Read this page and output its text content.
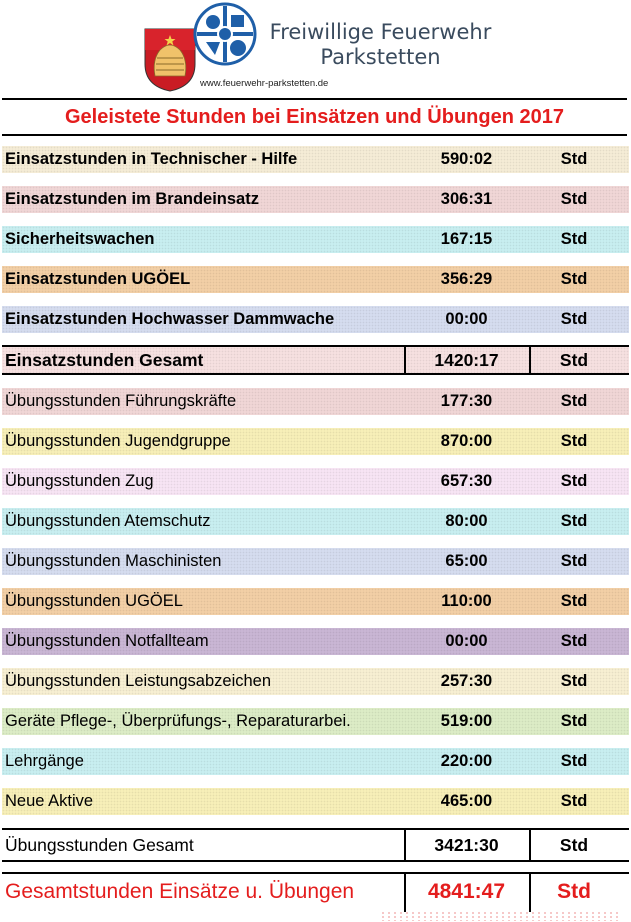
Freiwillige Feuerwehr
Parkstetten
www.feuerwehr-parkstetten.de
Geleistete Stunden bei Einsätzen und Übungen 2017
Einsatzstunden in Technischer - Hilfe	590:02	Std
Einsatzstunden im Brandeinsatz	306:31	Std
Sicherheitswachen	167:15	Std
Einsatzstunden UGÖEL	356:29	Std
Einsatzstunden Hochwasser Dammwache	00:00	Std
Einsatzstunden Gesamt	1420:17	Std
Übungsstunden Führungskräfte	177:30	Std
Übungsstunden Jugendgruppe	870:00	Std
Übungsstunden Zug	657:30	Std
Übungsstunden Atemschutz	80:00	Std
Übungsstunden Maschinisten	65:00	Std
Übungsstunden UGÖEL	110:00	Std
Übungsstunden Notfallteam	00:00	Std
Übungsstunden Leistungsabzeichen	257:30	Std
Geräte Pflege-, Überprüfungs-, Reparaturarbei.	519:00	Std
Lehrgänge	220:00	Std
Neue Aktive	465:00	Std
Übungsstunden Gesamt	3421:30	Std
Gesamtstunden Einsätze u. Übungen	4841:47	Std
